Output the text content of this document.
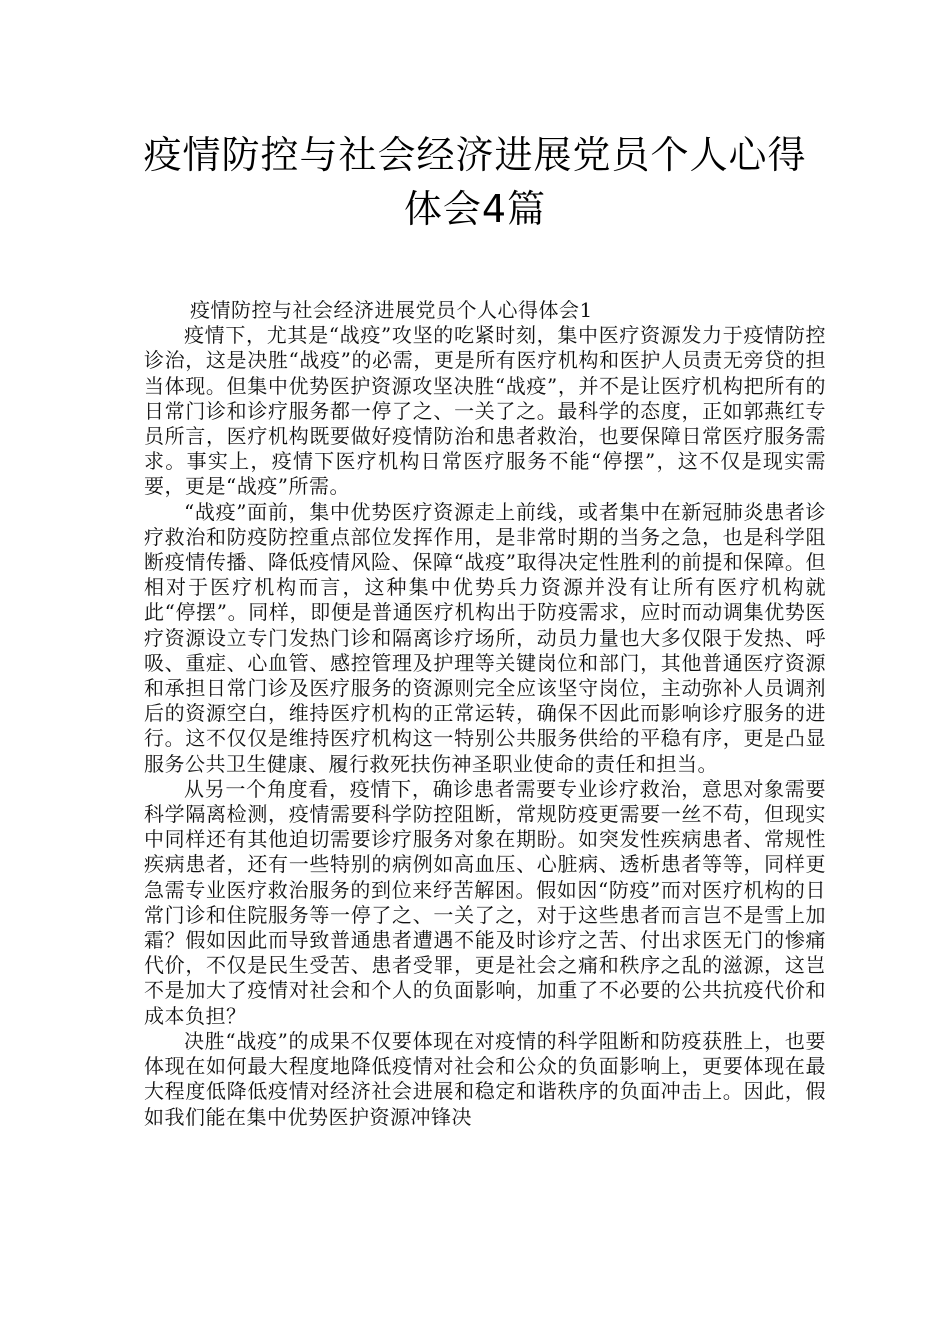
疫情防控与社会经济进展党员个人心得
体会4篇

疫情防控与社会经济进展党员个人心得体会1

疫情下，尤其是“战疫”攻坚的吃紧时刻，集中医疗资源发力于疫情防控诊治，这是决胜“战疫”的必需，更是所有医疗机构和医护人员责无旁贷的担当体现。但集中优势医护资源攻坚决胜“战疫”，并不是让医疗机构把所有的日常门诊和诊疗服务都一停了之、一关了之。最科学的态度，正如郭燕红专员所言，医疗机构既要做好疫情防治和患者救治，也要保障日常医疗服务需求。事实上，疫情下医疗机构日常医疗服务不能“停摆”，这不仅是现实需要，更是“战疫”所需。

“战疫”面前，集中优势医疗资源走上前线，或者集中在新冠肺炎患者诊疗救治和防疫防控重点部位发挥作用，是非常时期的当务之急，也是科学阻断疫情传播、降低疫情风险、保障“战疫”取得决定性胜利的前提和保障。但相对于医疗机构而言，这种集中优势兵力资源并没有让所有医疗机构就此“停摆”。同样，即便是普通医疗机构出于防疫需求，应时而动调集优势医疗资源设立专门发热门诊和隔离诊疗场所，动员力量也大多仅限于发热、呼吸、重症、心血管、感控管理及护理等关键岗位和部门，其他普通医疗资源和承担日常门诊及医疗服务的资源则完全应该坚守岗位，主动弥补人员调剂后的资源空白，维持医疗机构的正常运转，确保不因此而影响诊疗服务的进行。这不仅仅是维持医疗机构这一特别公共服务供给的平稳有序，更是凸显服务公共卫生健康、履行救死扶伤神圣职业使命的责任和担当。

从另一个角度看，疫情下，确诊患者需要专业诊疗救治，意思对象需要科学隔离检测，疫情需要科学防控阻断，常规防疫更需要一丝不苟，但现实中同样还有其他迫切需要诊疗服务对象在期盼。如突发性疾病患者、常规性疾病患者，还有一些特别的病例如高血压、心脏病、透析患者等等，同样更急需专业医疗救治服务的到位来纾苦解困。假如因“防疫”而对医疗机构的日常门诊和住院服务等一停了之、一关了之，对于这些患者而言岂不是雪上加霜？假如因此而导致普通患者遭遇不能及时诊疗之苦、付出求医无门的惨痛代价，不仅是民生受苦、患者受罪，更是社会之痛和秩序之乱的滋源，这岂不是加大了疫情对社会和个人的负面影响，加重了不必要的公共抗疫代价和成本负担？

决胜“战疫”的成果不仅要体现在对疫情的科学阻断和防疫获胜上，也要体现在如何最大程度地降低疫情对社会和公众的负面影响上，更要体现在最大程度低降低疫情对经济社会进展和稳定和谐秩序的负面冲击上。因此，假如我们能在集中优势医护资源冲锋决
